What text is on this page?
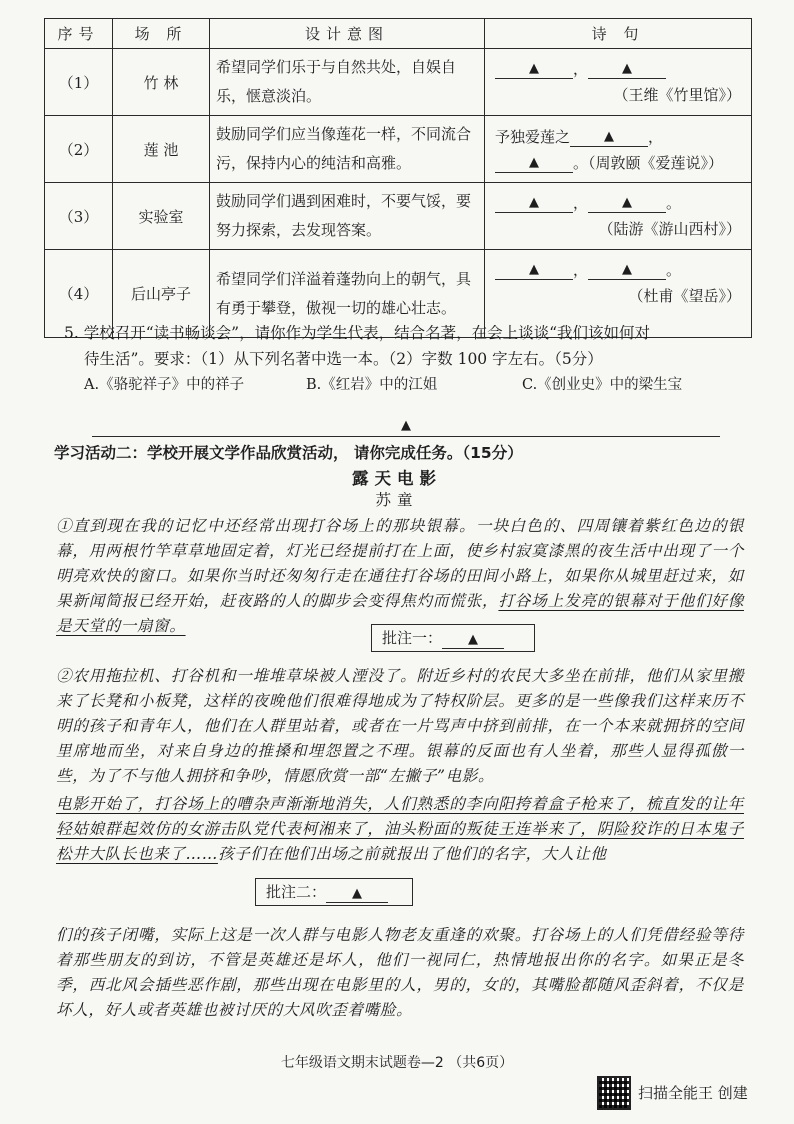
序号	场 所	设计意图	诗 句
（1）	竹 林	希望同学们乐于与自然共处，自娱自乐，惬意淡泊。	▲ ， ▲
（王维《竹里馆》）

（2）	莲 池	鼓励同学们应当像莲花一样，不同流合污，保持内心的纯洁和高雅。	予独爱莲之 ▲ ，
▲ 。（周敦颐《爱莲说》）

（3）	实验室	鼓励同学们遇到困难时，不要气馁，要努力探索，去发现答案。	▲ ， ▲ 。
（陆游《游山西村》）

（4）	后山亭子	希望同学们洋溢着蓬勃向上的朝气，具有勇于攀登，傲视一切的雄心壮志。	▲ ， ▲ 。
（杜甫《望岳》）
5. 学校召开“读书畅谈会”，请你作为学生代表，结合名著，在会上谈谈“我们该如何对
待生活”。要求：（1）从下列名著中选一本。（2）字数 100 字左右。（5分）
A.《骆驼祥子》中的祥子	B.《红岩》中的江姐	C.《创业史》中的梁生宝
▲
学习活动二：学校开展文学作品欣赏活动， 请你完成任务。（15分）
露天电影
苏童

①直到现在我的记忆中还经常出现打谷场上的那块银幕。一块白色的、四周镶着紫红色边的银幕，用两根竹竿草草地固定着，灯光已经提前打在上面，使乡村寂寞漆黑的夜生活中出现了一个明亮欢快的窗口。如果你当时还匆匆行走在通往打谷场的田间小路上，如果你从城里赶过来，如果新闻简报已经开始，赶夜路的人的脚步会变得焦灼而慌张，打谷场上发亮的银幕对于他们好像是天堂的一扇窗。

批注一： ▲

②农用拖拉机、打谷机和一堆堆草垛被人湮没了。附近乡村的农民大多坐在前排，他们从家里搬来了长凳和小板凳，这样的夜晚他们很难得地成为了特权阶层。更多的是一些像我们这样来历不明的孩子和青年人，他们在人群里站着，或者在一片骂声中挤到前排，在一个本来就拥挤的空间里席地而坐，对来自身边的推搡和埋怨置之不理。银幕的反面也有人坐着，那些人显得孤傲一些，为了不与他人拥挤和争吵，情愿欣赏一部“左撇子”电影。

电影开始了，打谷场上的嘈杂声渐渐地消失，人们熟悉的李向阳挎着盒子枪来了，梳直发的让年轻姑娘群起效仿的女游击队党代表柯湘来了，油头粉面的叛徒王连举来了，阴险狡诈的日本鬼子松井大队长也来了……孩子们在他们出场之前就报出了他们的名字，大人让他

批注二： ▲

们的孩子闭嘴，实际上这是一次人群与电影人物老友重逢的欢聚。打谷场上的人们凭借经验等待着那些朋友的到访，不管是英雄还是坏人，他们一视同仁，热情地报出你的名字。如果正是冬季，西北风会插些恶作剧，那些出现在电影里的人，男的，女的，其嘴脸都随风歪斜着，不仅是坏人，好人或者英雄也被讨厌的大风吹歪着嘴脸。

七年级语文期末试题卷—2 （共6页）
扫描全能王 创建
